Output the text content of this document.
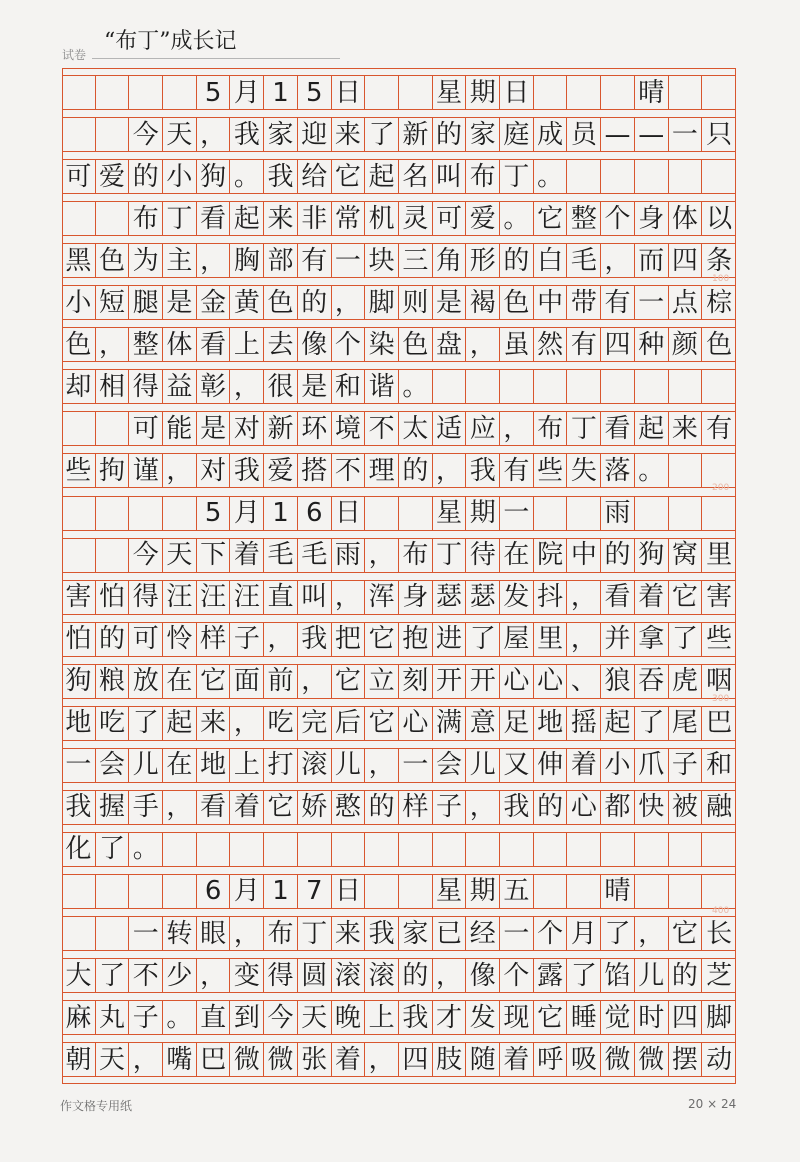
试卷
“布丁”成长记
5 月 1 5 日	星 期 日	晴
今 天 ， 我 家 迎 来 了 新 的 家 庭 成 员 — — 一 只
可 爱 的 小 狗 。 我 给 它 起 名 叫 布 丁 。
布 丁 看 起 来 非 常 机 灵 可 爱 。 它 整 个 身 体 以
黑 色 为 主 ， 胸 部 有 一 块 三 角 形 的 白 毛 ， 而 四 条
小 短 腿 是 金 黄 色 的 ， 脚 则 是 褐 色 中 带 有 一 点 棕
色 ， 整 体 看 上 去 像 个 染 色 盘 ， 虽 然 有 四 种 颜 色
却 相 得 益 彰 ， 很 是 和 谐 。
可 能 是 对 新 环 境 不 太 适 应 ， 布 丁 看 起 来 有
些 拘 谨 ， 对 我 爱 搭 不 理 的 ， 我 有 些 失 落 。
5 月 1 6 日	星 期 一	雨
今 天 下 着 毛 毛 雨 ， 布 丁 待 在 院 中 的 狗 窝 里
害 怕 得 汪 汪 汪 直 叫 ， 浑 身 瑟 瑟 发 抖 ， 看 着 它 害
怕 的 可 怜 样 子 ， 我 把 它 抱 进 了 屋 里 ， 并 拿 了 些
狗 粮 放 在 它 面 前 ， 它 立 刻 开 开 心 心 、 狼 吞 虎 咽
地 吃 了 起 来 ， 吃 完 后 它 心 满 意 足 地 摇 起 了 尾 巴
一 会 儿 在 地 上 打 滚 儿 ， 一 会 儿 又 伸 着 小 爪 子 和
我 握 手 ， 看 着 它 娇 憨 的 样 子 ， 我 的 心 都 快 被 融
化 了 。
6 月 1 7 日	星 期 五	晴
一 转 眼 ， 布 丁 来 我 家 已 经 一 个 月 了 ， 它 长
大 了 不 少 ， 变 得 圆 滚 滚 的 ， 像 个 露 了 馅 儿 的 芝
麻 丸 子 。 直 到 今 天 晚 上 我 才 发 现 它 睡 觉 时 四 脚
朝 天 ， 嘴 巴 微 微 张 着 ， 四 肢 随 着 呼 吸 微 微 摆 动
100
200
300
400
作文格专用纸	20 × 24
